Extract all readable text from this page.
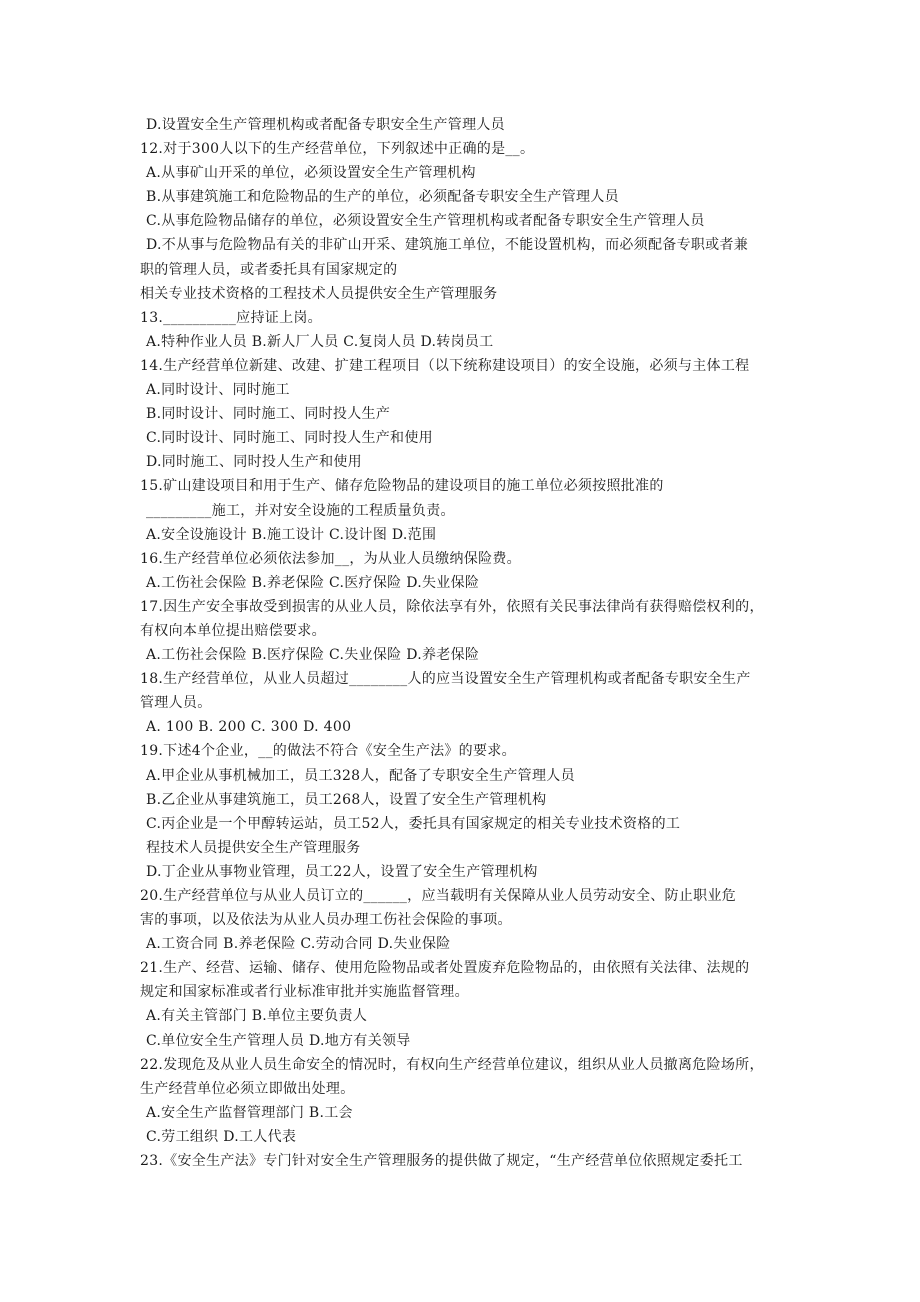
D.设置安全生产管理机构或者配备专职安全生产管理人员
12.对于300人以下的生产经营单位，下列叙述中正确的是__。
A.从事矿山开采的单位，必须设置安全生产管理机构
B.从事建筑施工和危险物品的生产的单位，必须配备专职安全生产管理人员
C.从事危险物品储存的单位，必须设置安全生产管理机构或者配备专职安全生产管理人员
D.不从事与危险物品有关的非矿山开采、建筑施工单位，不能设置机构，而必须配备专职或者兼
职的管理人员，或者委托具有国家规定的
相关专业技术资格的工程技术人员提供安全生产管理服务
13.__________应持证上岗。
A.特种作业人员 B.新人厂人员 C.复岗人员 D.转岗员工
14.生产经营单位新建、改建、扩建工程项目（以下统称建设项目）的安全设施，必须与主体工程
A.同时设计、同时施工
B.同时设计、同时施工、同时投人生产
C.同时设计、同时施工、同时投人生产和使用
D.同时施工、同时投人生产和使用
15.矿山建设项目和用于生产、储存危险物品的建设项目的施工单位必须按照批准的
_________施工，并对安全设施的工程质量负责。
A.安全设施设计 B.施工设计 C.设计图 D.范围
16.生产经营单位必须依法参加__，为从业人员缴纳保险费。
A.工伤社会保险 B.养老保险 C.医疗保险 D.失业保险
17.因生产安全事故受到损害的从业人员，除依法享有外，依照有关民事法律尚有获得赔偿权利的，
有权向本单位提出赔偿要求。
A.工伤社会保险 B.医疗保险 C.失业保险 D.养老保险
18.生产经营单位，从业人员超过________人的应当设置安全生产管理机构或者配备专职安全生产
管理人员。
A. 100 B. 200 C. 300 D. 400
19.下述4个企业，__的做法不符合《安全生产法》的要求。
A.甲企业从事机械加工，员工328人，配备了专职安全生产管理人员
B.乙企业从事建筑施工，员工268人，设置了安全生产管理机构
C.丙企业是一个甲醇转运站，员工52人，委托具有国家规定的相关专业技术资格的工
程技术人员提供安全生产管理服务
D.丁企业从事物业管理，员工22人，设置了安全生产管理机构
20.生产经营单位与从业人员订立的______，应当载明有关保障从业人员劳动安全、防止职业危
害的事项，以及依法为从业人员办理工伤社会保险的事项。
A.工资合同 B.养老保险 C.劳动合同 D.失业保险
21.生产、经营、运输、储存、使用危险物品或者处置废弃危险物品的，由依照有关法律、法规的
规定和国家标准或者行业标准审批并实施监督管理。
A.有关主管部门 B.单位主要负责人
C.单位安全生产管理人员 D.地方有关领导
22.发现危及从业人员生命安全的情况时，有权向生产经营单位建议，组织从业人员撤离危险场所，
生产经营单位必须立即做出处理。
A.安全生产监督管理部门 B.工会
C.劳工组织 D.工人代表
23.《安全生产法》专门针对安全生产管理服务的提供做了规定，“生产经营单位依照规定委托工
